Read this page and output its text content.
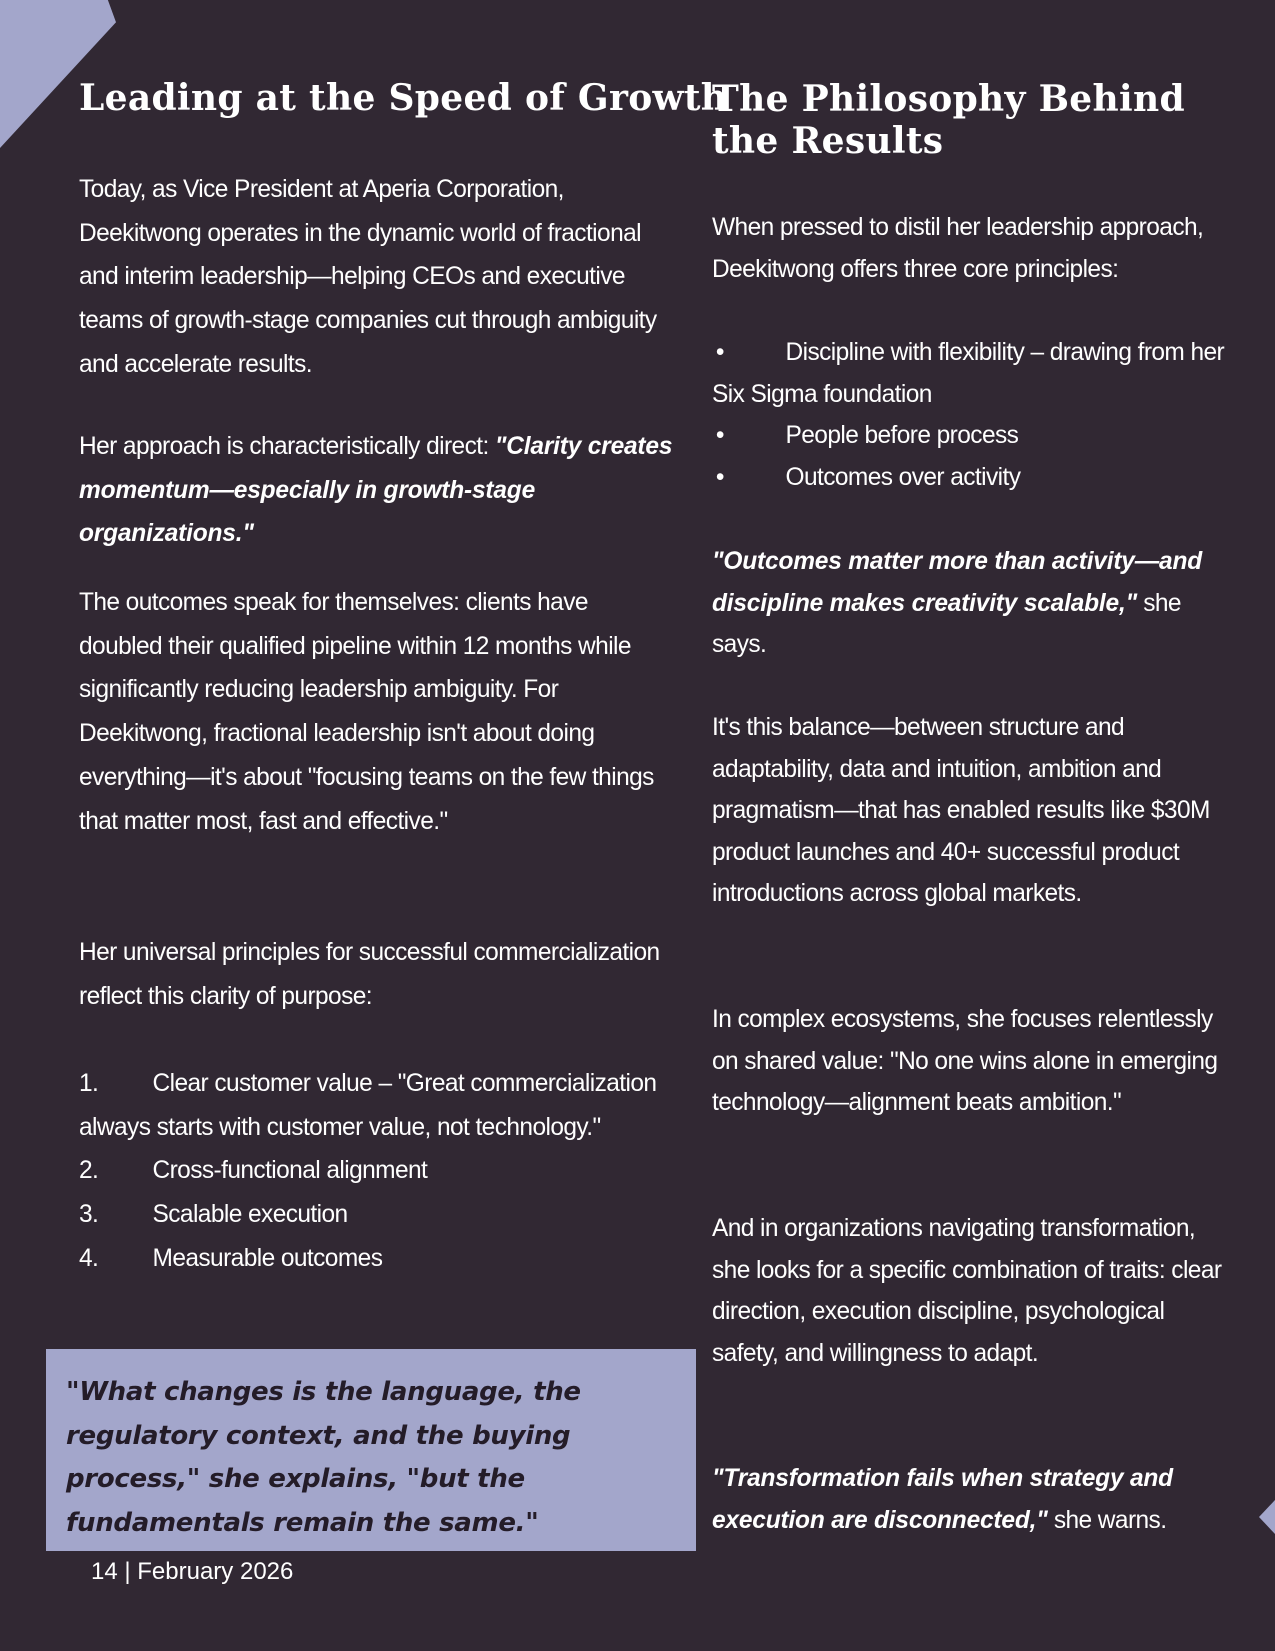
Leading at the Speed of Growth

Today, as Vice President at Aperia Corporation, Deekitwong operates in the dynamic world of fractional and interim leadership—helping CEOs and executive teams of growth-stage companies cut through ambiguity and accelerate results.

Her approach is characteristically direct: "Clarity creates momentum—especially in growth-stage organizations."

The outcomes speak for themselves: clients have doubled their qualified pipeline within 12 months while significantly reducing leadership ambiguity. For Deekitwong, fractional leadership isn't about doing everything—it's about "focusing teams on the few things that matter most, fast and effective."

Her universal principles for successful commercialization reflect this clarity of purpose:

1. Clear customer value – "Great commercialization always starts with customer value, not technology."
2. Cross-functional alignment
3. Scalable execution
4. Measurable outcomes

"What changes is the language, the regulatory context, and the buying process," she explains, "but the fundamentals remain the same."

The Philosophy Behind the Results

When pressed to distil her leadership approach, Deekitwong offers three core principles:

• Discipline with flexibility – drawing from her Six Sigma foundation
• People before process
• Outcomes over activity

"Outcomes matter more than activity—and discipline makes creativity scalable," she says.

It's this balance—between structure and adaptability, data and intuition, ambition and pragmatism—that has enabled results like $30M product launches and 40+ successful product introductions across global markets.

In complex ecosystems, she focuses relentlessly on shared value: "No one wins alone in emerging technology—alignment beats ambition."

And in organizations navigating transformation, she looks for a specific combination of traits: clear direction, execution discipline, psychological safety, and willingness to adapt.

"Transformation fails when strategy and execution are disconnected," she warns.

14 | February 2026
